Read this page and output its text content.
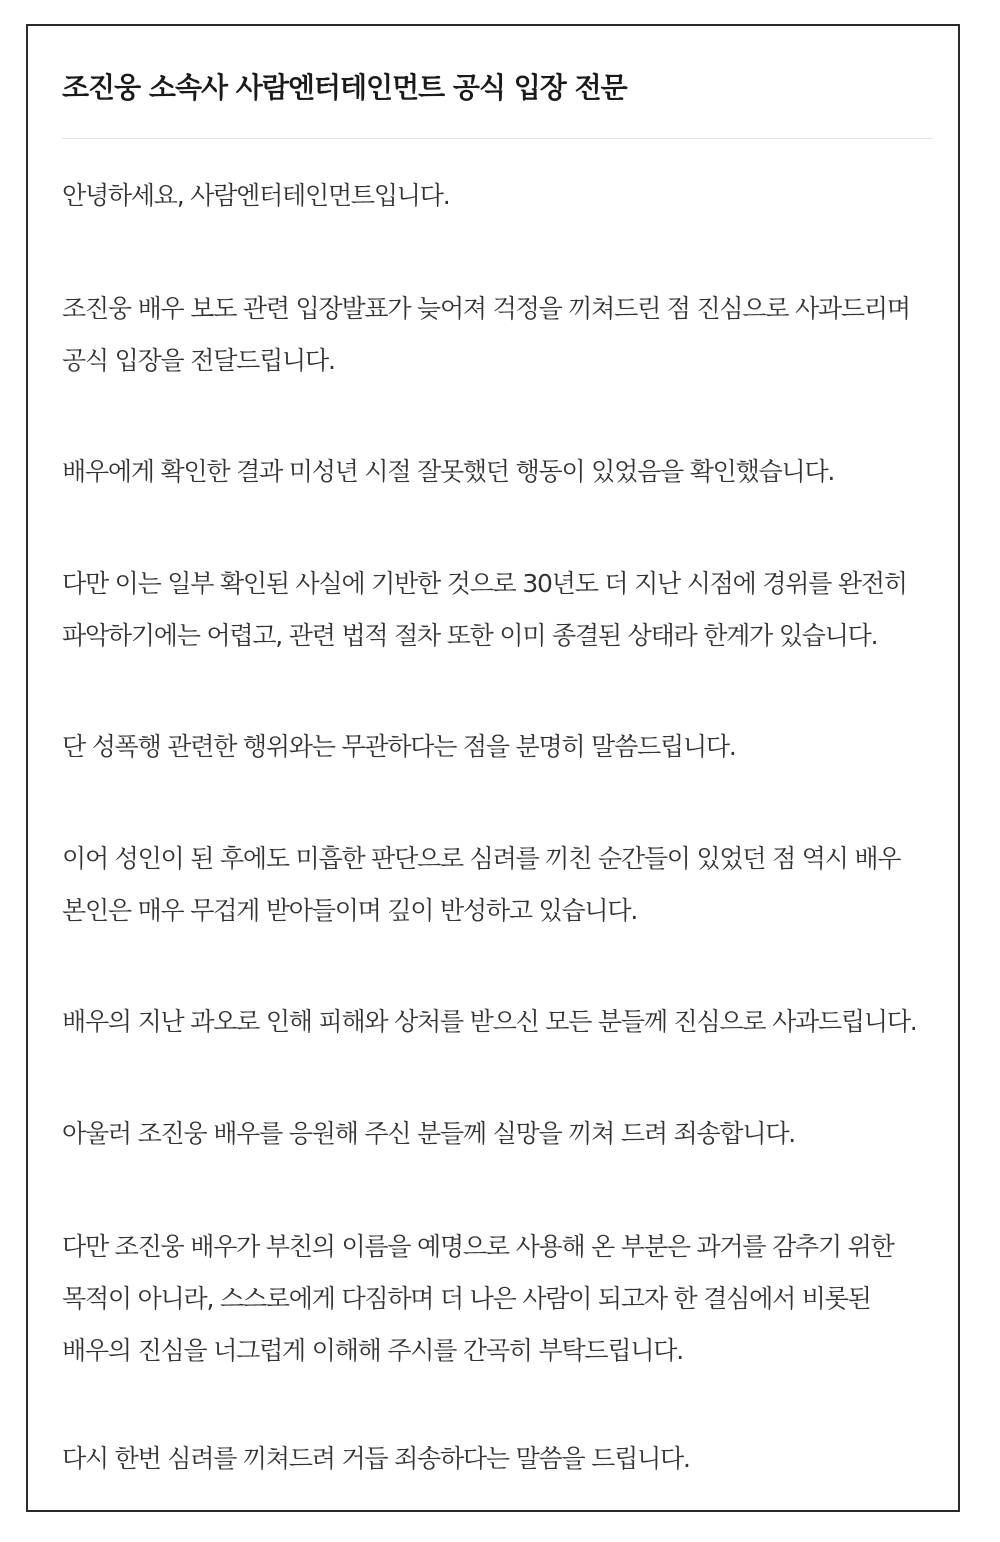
조진웅 소속사 사람엔터테인먼트 공식 입장 전문
안녕하세요, 사람엔터테인먼트입니다.
조진웅 배우 보도 관련 입장발표가 늦어져 걱정을 끼쳐드린 점 진심으로 사과드리며
공식 입장을 전달드립니다.
배우에게 확인한 결과 미성년 시절 잘못했던 행동이 있었음을 확인했습니다.
다만 이는 일부 확인된 사실에 기반한 것으로 30년도 더 지난 시점에 경위를 완전히
파악하기에는 어렵고, 관련 법적 절차 또한 이미 종결된 상태라 한계가 있습니다.
단 성폭행 관련한 행위와는 무관하다는 점을 분명히 말씀드립니다.
이어 성인이 된 후에도 미흡한 판단으로 심려를 끼친 순간들이 있었던 점 역시 배우
본인은 매우 무겁게 받아들이며 깊이 반성하고 있습니다.
배우의 지난 과오로 인해 피해와 상처를 받으신 모든 분들께 진심으로 사과드립니다.
아울러 조진웅 배우를 응원해 주신 분들께 실망을 끼쳐 드려 죄송합니다.
다만 조진웅 배우가 부친의 이름을 예명으로 사용해 온 부분은 과거를 감추기 위한
목적이 아니라, 스스로에게 다짐하며 더 나은 사람이 되고자 한 결심에서 비롯된
배우의 진심을 너그럽게 이해해 주시를 간곡히 부탁드립니다.
다시 한번 심려를 끼쳐드려 거듭 죄송하다는 말씀을 드립니다.
